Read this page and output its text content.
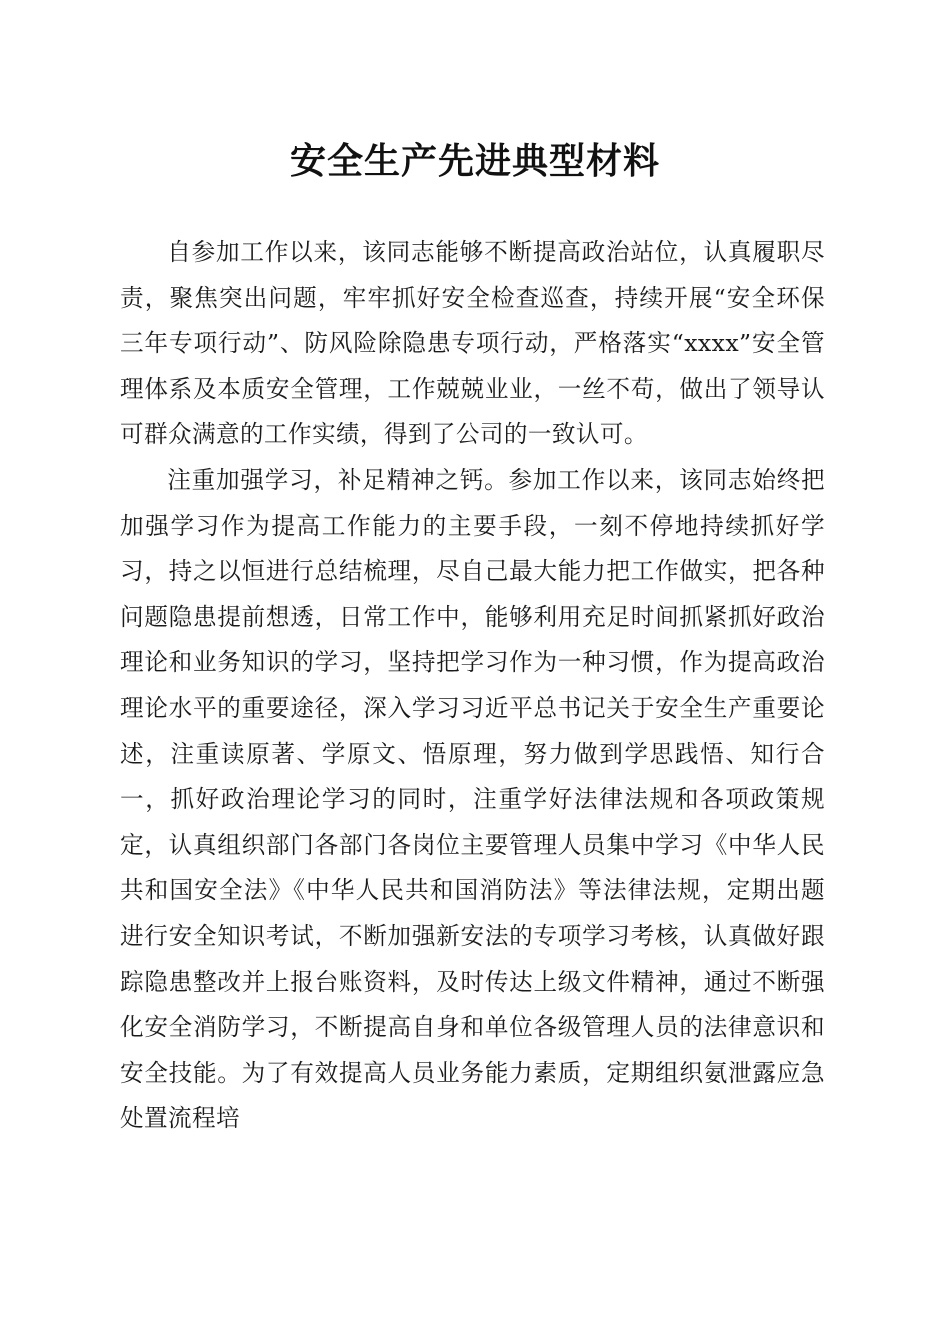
安全生产先进典型材料

自参加工作以来，该同志能够不断提高政治站位，认真履职尽责，聚焦突出问题，牢牢抓好安全检查巡查，持续开展“安全环保三年专项行动”、防风险除隐患专项行动，严格落实“xxxx”安全管理体系及本质安全管理，工作兢兢业业，一丝不苟，做出了领导认可群众满意的工作实绩，得到了公司的一致认可。

注重加强学习，补足精神之钙。参加工作以来，该同志始终把加强学习作为提高工作能力的主要手段，一刻不停地持续抓好学习，持之以恒进行总结梳理，尽自己最大能力把工作做实，把各种问题隐患提前想透，日常工作中，能够利用充足时间抓紧抓好政治理论和业务知识的学习，坚持把学习作为一种习惯，作为提高政治理论水平的重要途径，深入学习习近平总书记关于安全生产重要论述，注重读原著、学原文、悟原理，努力做到学思践悟、知行合一，抓好政治理论学习的同时，注重学好法律法规和各项政策规定，认真组织部门各部门各岗位主要管理人员集中学习《中华人民共和国安全法》《中华人民共和国消防法》等法律法规，定期出题进行安全知识考试，不断加强新安法的专项学习考核，认真做好跟踪隐患整改并上报台账资料，及时传达上级文件精神，通过不断强化安全消防学习，不断提高自身和单位各级管理人员的法律意识和安全技能。为了有效提高人员业务能力素质，定期组织氨泄露应急处置流程培
